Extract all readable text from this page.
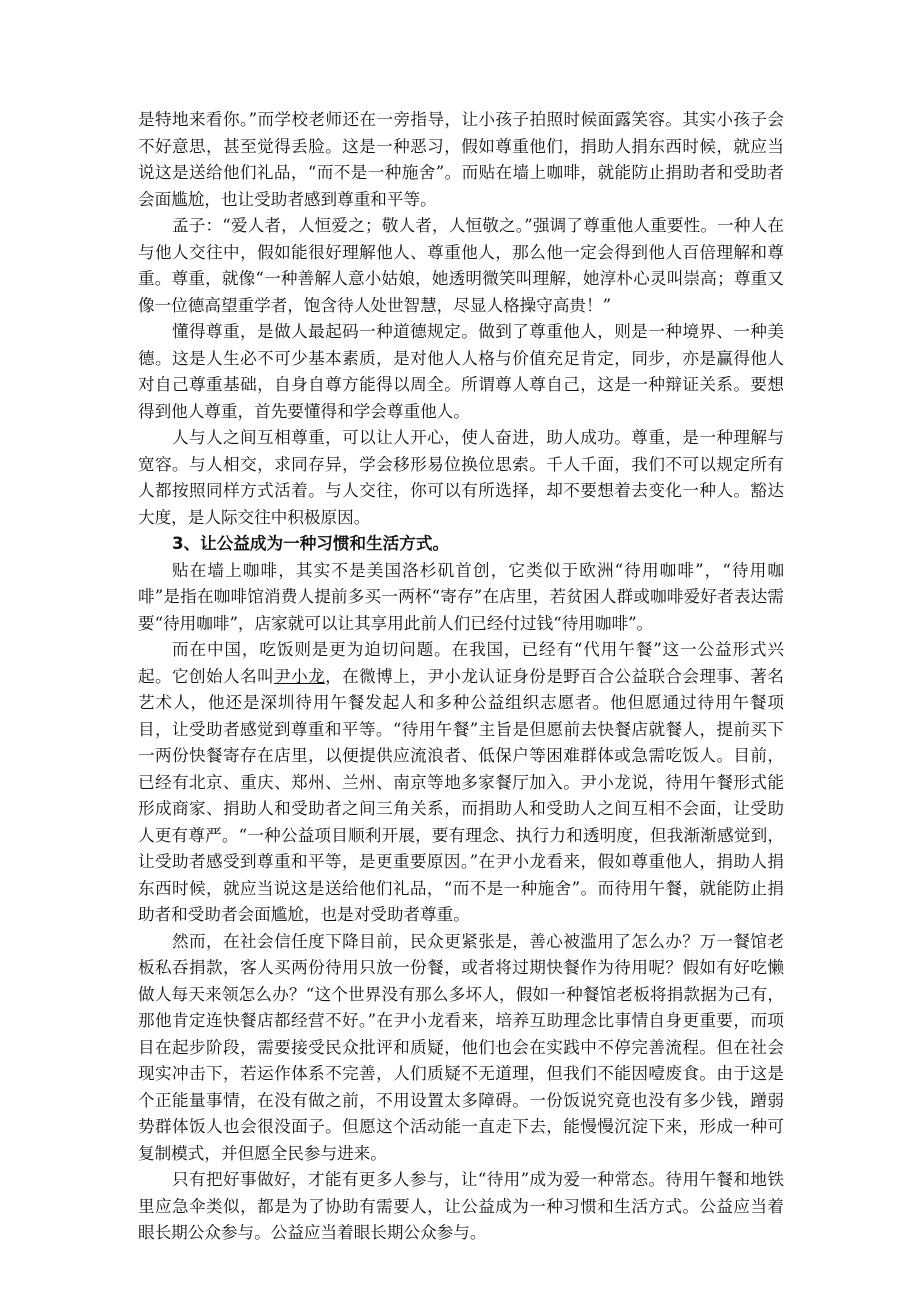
是特地来看你。”而学校老师还在一旁指导，让小孩子拍照时候面露笑容。其实小孩子会不好意思，甚至觉得丢脸。这是一种恶习，假如尊重他们，捐助人捐东西时候，就应当说这是送给他们礼品，“而不是一种施舍”。而贴在墙上咖啡，就能防止捐助者和受助者会面尴尬，也让受助者感到尊重和平等。

孟子：“爱人者，人恒爱之；敬人者，人恒敬之。”强调了尊重他人重要性。一种人在与他人交往中，假如能很好理解他人、尊重他人，那么他一定会得到他人百倍理解和尊重。尊重，就像“一种善解人意小姑娘，她透明微笑叫理解，她淳朴心灵叫崇高；尊重又像一位德高望重学者，饱含待人处世智慧，尽显人格操守高贵！”

懂得尊重，是做人最起码一种道德规定。做到了尊重他人，则是一种境界、一种美德。这是人生必不可少基本素质，是对他人人格与价值充足肯定，同步，亦是赢得他人对自己尊重基础，自身自尊方能得以周全。所谓尊人尊自己，这是一种辩证关系。要想得到他人尊重，首先要懂得和学会尊重他人。

人与人之间互相尊重，可以让人开心，使人奋进，助人成功。尊重，是一种理解与宽容。与人相交，求同存异，学会移形易位换位思索。千人千面，我们不可以规定所有人都按照同样方式活着。与人交往，你可以有所选择，却不要想着去变化一种人。豁达大度，是人际交往中积极原因。

3、让公益成为一种习惯和生活方式。

贴在墙上咖啡，其实不是美国洛杉矶首创，它类似于欧洲“待用咖啡”，“待用咖啡”是指在咖啡馆消费人提前多买一两杯“寄存”在店里，若贫困人群或咖啡爱好者表达需要“待用咖啡”，店家就可以让其享用此前人们已经付过钱“待用咖啡”。

而在中国，吃饭则是更为迫切问题。在我国，已经有“代用午餐”这一公益形式兴起。它创始人名叫尹小龙，在微博上，尹小龙认证身份是野百合公益联合会理事、著名艺术人，他还是深圳待用午餐发起人和多种公益组织志愿者。他但愿通过待用午餐项目，让受助者感觉到尊重和平等。“待用午餐”主旨是但愿前去快餐店就餐人，提前买下一两份快餐寄存在店里，以便提供应流浪者、低保户等困难群体或急需吃饭人。目前，已经有北京、重庆、郑州、兰州、南京等地多家餐厅加入。尹小龙说，待用午餐形式能形成商家、捐助人和受助者之间三角关系，而捐助人和受助人之间互相不会面，让受助人更有尊严。“一种公益项目顺利开展，要有理念、执行力和透明度，但我渐渐感觉到，让受助者感受到尊重和平等，是更重要原因。”在尹小龙看来，假如尊重他人，捐助人捐东西时候，就应当说这是送给他们礼品，“而不是一种施舍”。而待用午餐，就能防止捐助者和受助者会面尴尬，也是对受助者尊重。

然而，在社会信任度下降目前，民众更紧张是，善心被滥用了怎么办？万一餐馆老板私吞捐款，客人买两份待用只放一份餐，或者将过期快餐作为待用呢？假如有好吃懒做人每天来领怎么办？“这个世界没有那么多坏人，假如一种餐馆老板将捐款据为己有，那他肯定连快餐店都经营不好。”在尹小龙看来，培养互助理念比事情自身更重要，而项目在起步阶段，需要接受民众批评和质疑，他们也会在实践中不停完善流程。但在社会现实冲击下，若运作体系不完善，人们质疑不无道理，但我们不能因噎废食。由于这是个正能量事情，在没有做之前，不用设置太多障碍。一份饭说究竟也没有多少钱，蹭弱势群体饭人也会很没面子。但愿这个活动能一直走下去，能慢慢沉淀下来，形成一种可复制模式，并但愿全民参与进来。

只有把好事做好，才能有更多人参与，让“待用”成为爱一种常态。待用午餐和地铁里应急伞类似，都是为了协助有需要人，让公益成为一种习惯和生活方式。公益应当着眼长期公众参与。公益应当着眼长期公众参与。
